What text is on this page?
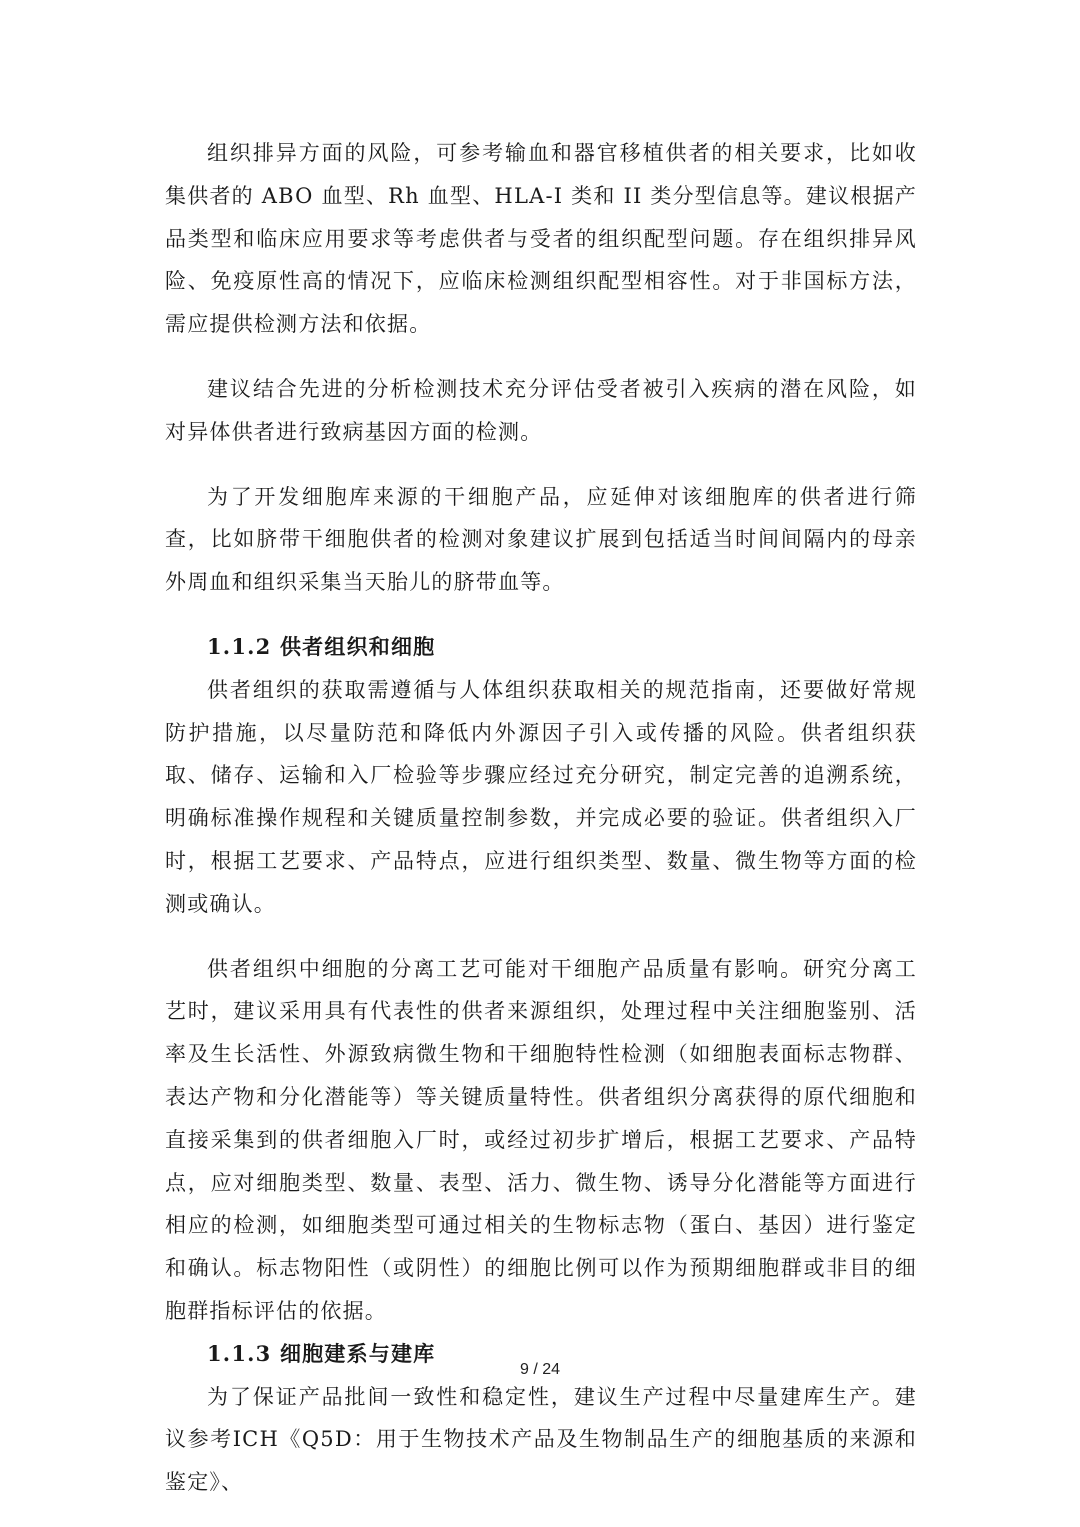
组织排异方面的风险，可参考输血和器官移植供者的相关要求，比如收集供者的 ABO 血型、Rh 血型、HLA-I 类和 II 类分型信息等。建议根据产品类型和临床应用要求等考虑供者与受者的组织配型问题。存在组织排异风险、免疫原性高的情况下，应临床检测组织配型相容性。对于非国标方法，需应提供检测方法和依据。

建议结合先进的分析检测技术充分评估受者被引入疾病的潜在风险，如对异体供者进行致病基因方面的检测。

为了开发细胞库来源的干细胞产品，应延伸对该细胞库的供者进行筛查，比如脐带干细胞供者的检测对象建议扩展到包括适当时间间隔内的母亲外周血和组织采集当天胎儿的脐带血等。

1.1.2 供者组织和细胞

供者组织的获取需遵循与人体组织获取相关的规范指南，还要做好常规防护措施，以尽量防范和降低内外源因子引入或传播的风险。供者组织获取、储存、运输和入厂检验等步骤应经过充分研究，制定完善的追溯系统，明确标准操作规程和关键质量控制参数，并完成必要的验证。供者组织入厂时，根据工艺要求、产品特点，应进行组织类型、数量、微生物等方面的检测或确认。

供者组织中细胞的分离工艺可能对干细胞产品质量有影响。研究分离工艺时，建议采用具有代表性的供者来源组织，处理过程中关注细胞鉴别、活率及生长活性、外源致病微生物和干细胞特性检测（如细胞表面标志物群、表达产物和分化潜能等）等关键质量特性。供者组织分离获得的原代细胞和直接采集到的供者细胞入厂时，或经过初步扩增后，根据工艺要求、产品特点，应对细胞类型、数量、表型、活力、微生物、诱导分化潜能等方面进行相应的检测，如细胞类型可通过相关的生物标志物（蛋白、基因）进行鉴定和确认。标志物阳性（或阴性）的细胞比例可以作为预期细胞群或非目的细胞群指标评估的依据。

1.1.3 细胞建系与建库

为了保证产品批间一致性和稳定性，建议生产过程中尽量建库生产。建议参考ICH《Q5D：用于生物技术产品及生物制品生产的细胞基质的来源和鉴定》、

9 / 24
